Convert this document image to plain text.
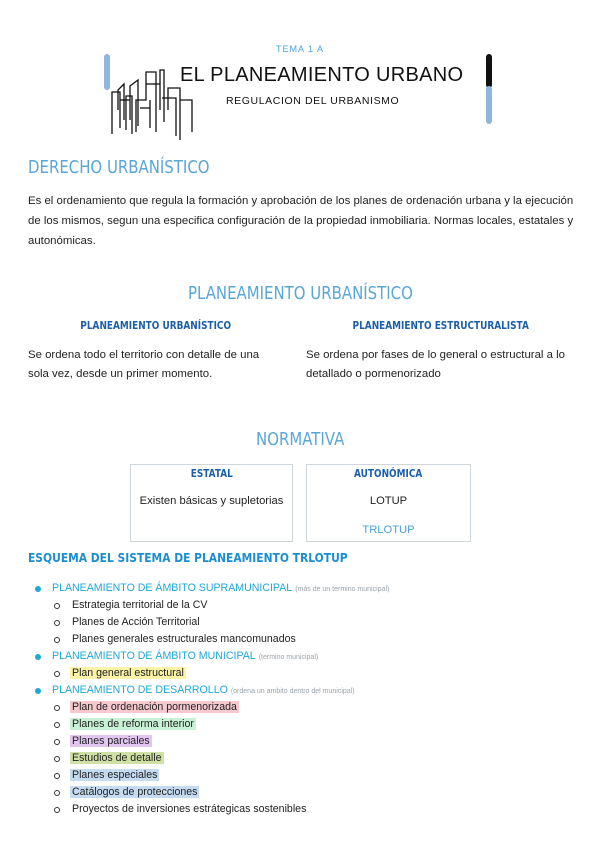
TEMA 1 A
EL PLANEAMIENTO URBANO
REGULACION DEL URBANISMO
DERECHO URBANÍSTICO

Es el ordenamiento que regula la formación y aprobación de los planes de ordenación urbana y la ejecución de los mismos, segun una especifica configuración de la propiedad inmobiliaria. Normas locales, estatales y autonómicas.

PLANEAMIENTO URBANÍSTICO
PLANEAMIENTO URBANÍSTICO
Se ordena todo el territorio con detalle de una sola vez, desde un primer momento.
PLANEAMIENTO ESTRUCTURALISTA
Se ordena por fases de lo general o estructural a lo detallado o pormenorizado
NORMATIVA
ESTATAL
Existen básicas y supletorias
AUTONÓMICA
LOTUP
TRLOTUP
ESQUEMA DEL SISTEMA DE PLANEAMIENTO TRLOTUP
PLANEAMIENTO DE ÁMBITO SUPRAMUNICIPAL (más de un termino municipal)
Estrategia territorial de la CV
Planes de Acción Territorial
Planes generales estructurales mancomunados
PLANEAMIENTO DE ÁMBITO MUNICIPAL (termino municipal)
Plan general estructural
PLANEAMIENTO DE DESARROLLO (ordena un ambito dentro del municipal)
Plan de ordenación pormenorizada
Planes de reforma interior
Planes parciales
Estudios de detalle
Planes especiales
Catálogos de protecciones
Proyectos de inversiones estrátegicas sostenibles
